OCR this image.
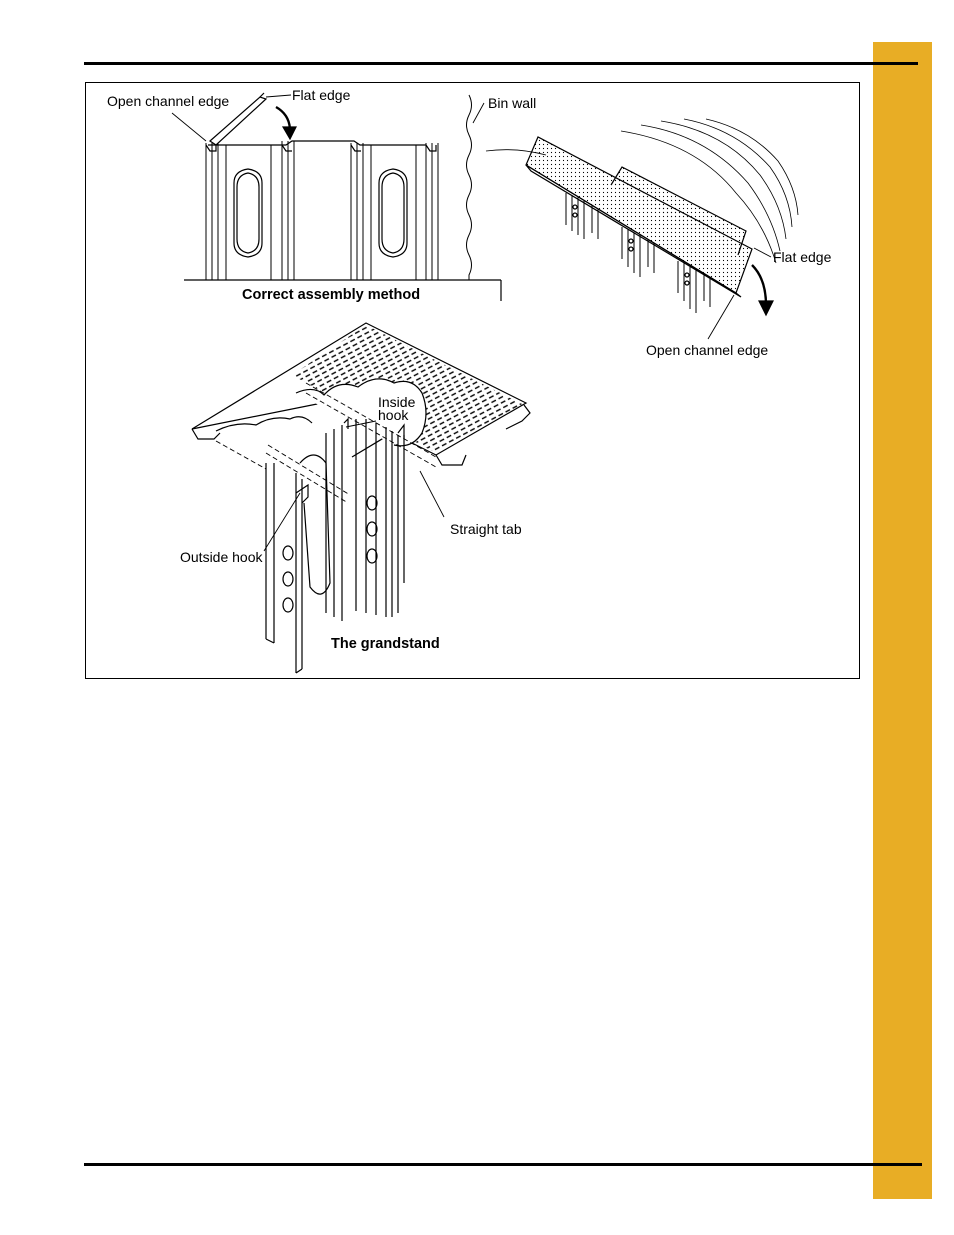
Open channel edge	Flat edge	Bin wall
Flat edge
Open channel edge
Inside
hook
Straight tab
Outside hook
Correct assembly method
The grandstand
